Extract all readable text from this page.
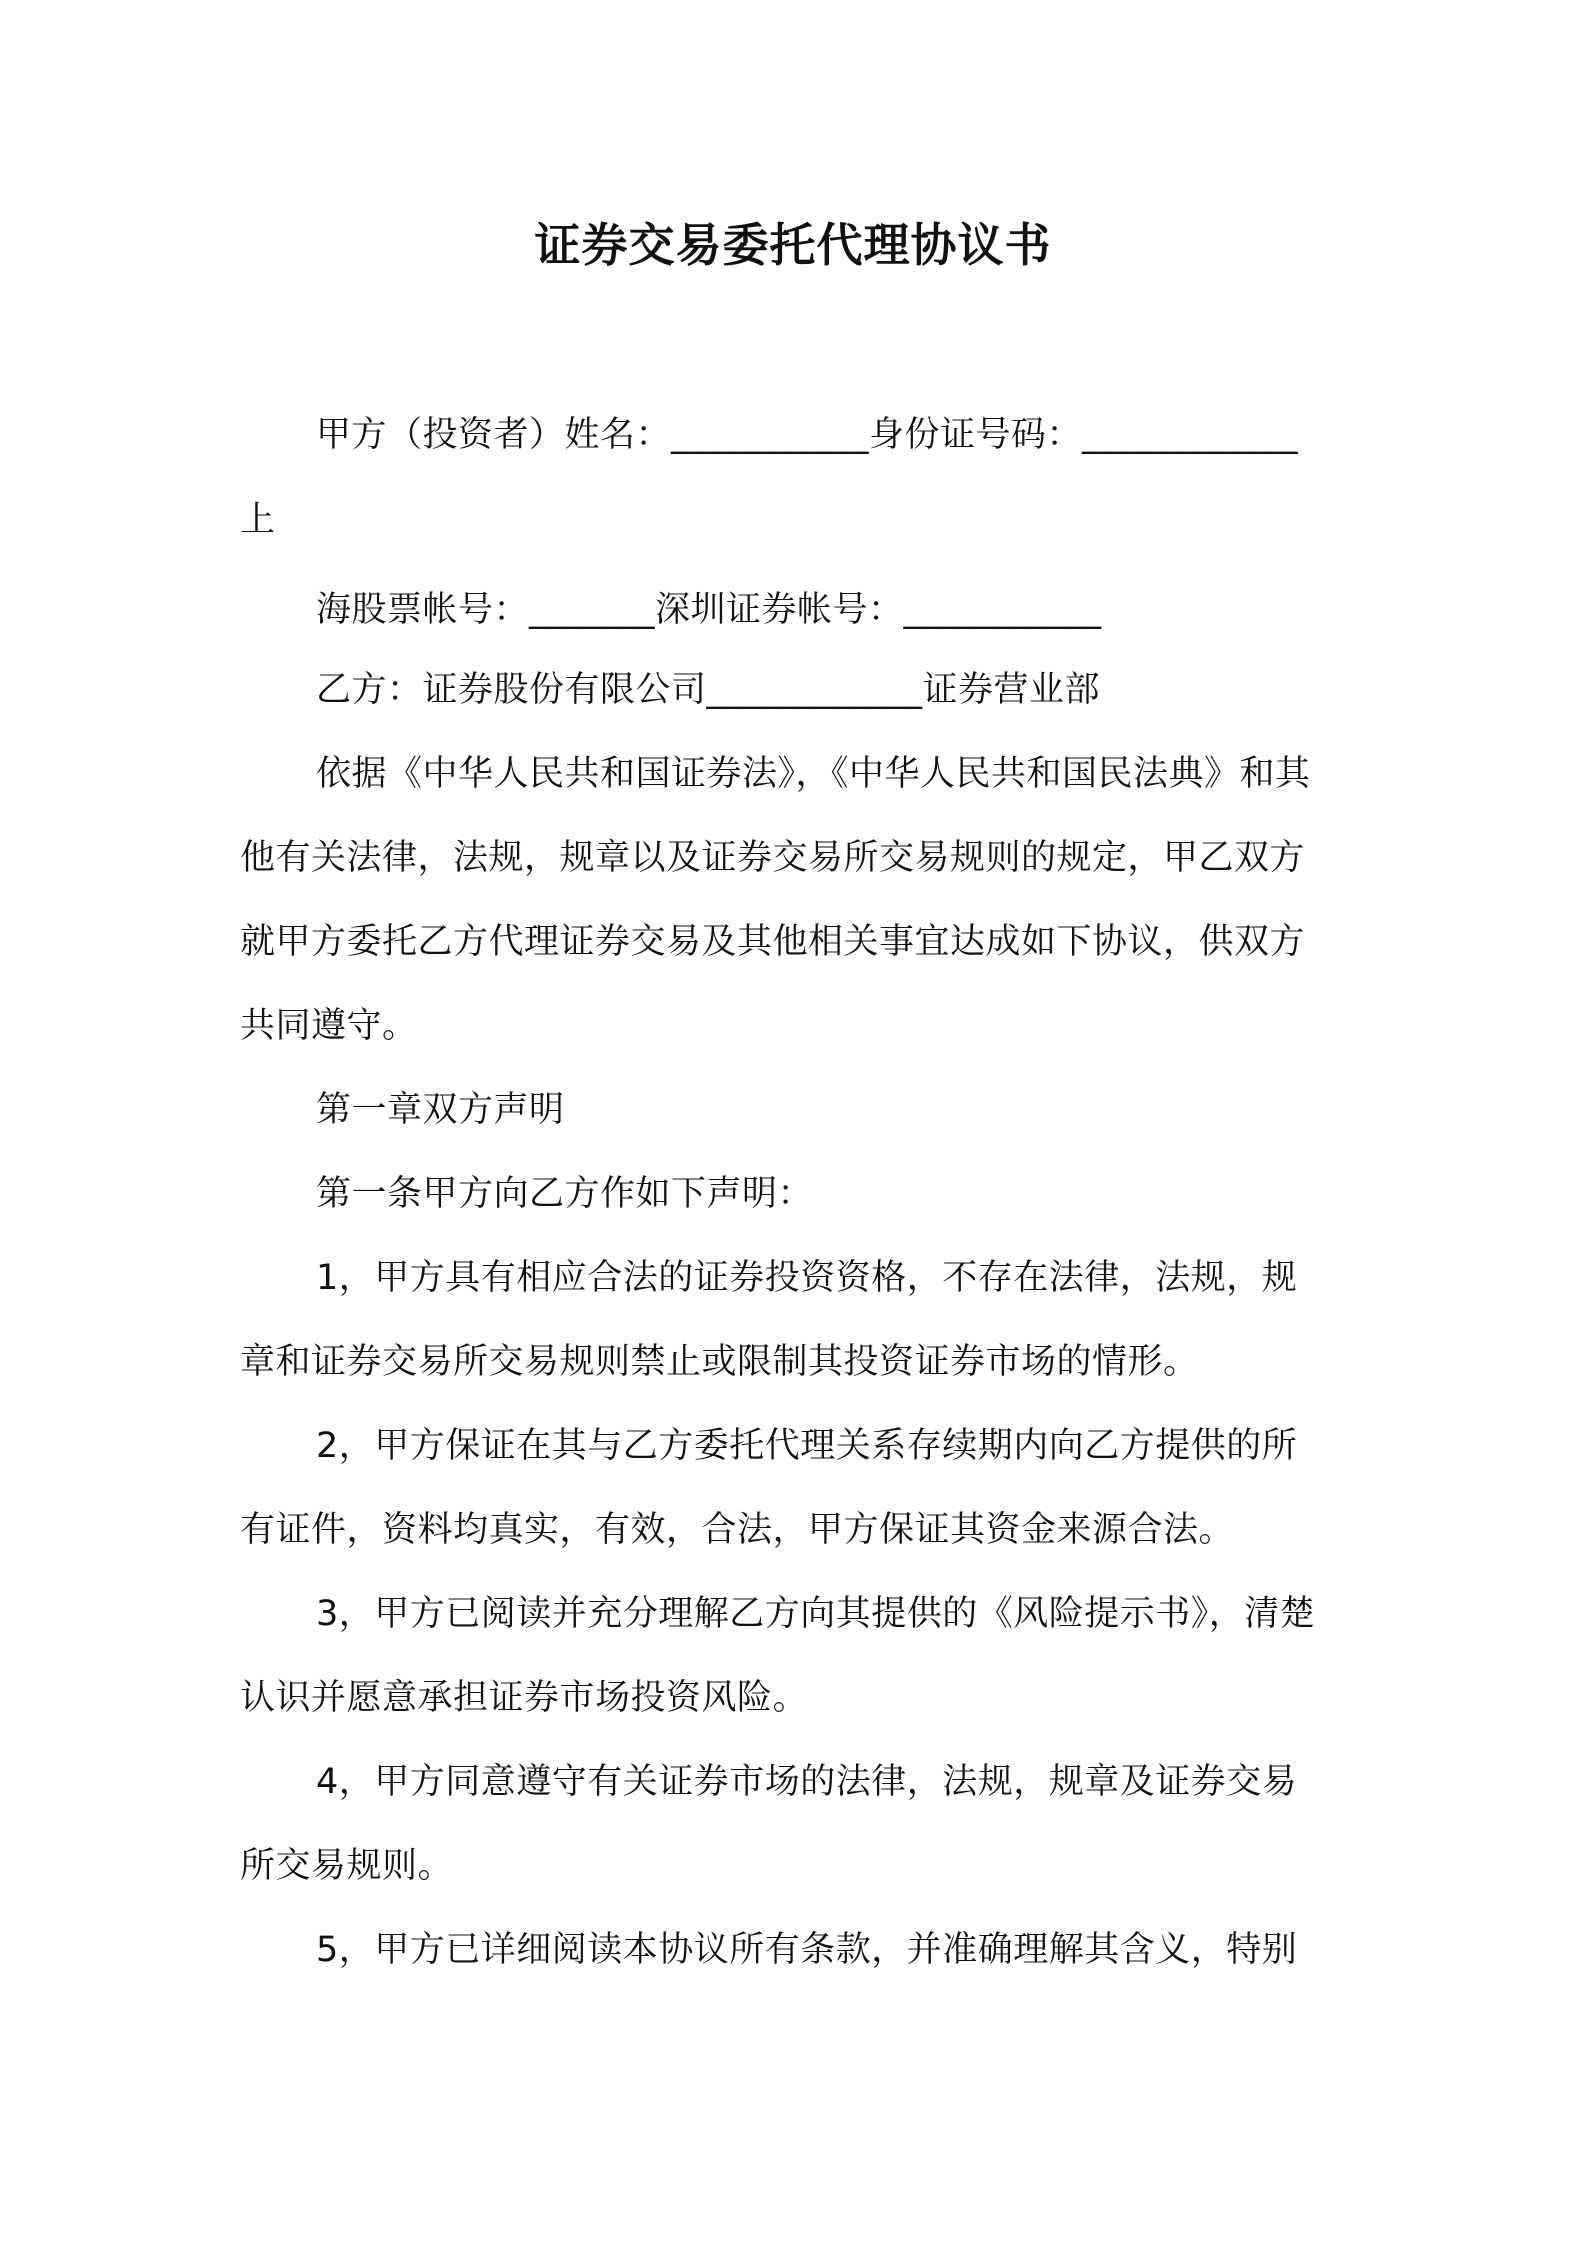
证券交易委托代理协议书
甲方（投资者）姓名：___________身份证号码：____________
上
海股票帐号：_______深圳证券帐号：___________
乙方：证券股份有限公司____________证券营业部
依据《中华人民共和国证券法》，《中华人民共和国民法典》和其
他有关法律，法规，规章以及证券交易所交易规则的规定，甲乙双方
就甲方委托乙方代理证券交易及其他相关事宜达成如下协议，供双方
共同遵守。
第一章双方声明
第一条甲方向乙方作如下声明：
1，甲方具有相应合法的证券投资资格，不存在法律，法规，规
章和证券交易所交易规则禁止或限制其投资证券市场的情形。
2，甲方保证在其与乙方委托代理关系存续期内向乙方提供的所
有证件，资料均真实，有效，合法，甲方保证其资金来源合法。
3，甲方已阅读并充分理解乙方向其提供的《风险提示书》，清楚
认识并愿意承担证券市场投资风险。
4，甲方同意遵守有关证券市场的法律，法规，规章及证券交易
所交易规则。
5，甲方已详细阅读本协议所有条款，并准确理解其含义，特别
